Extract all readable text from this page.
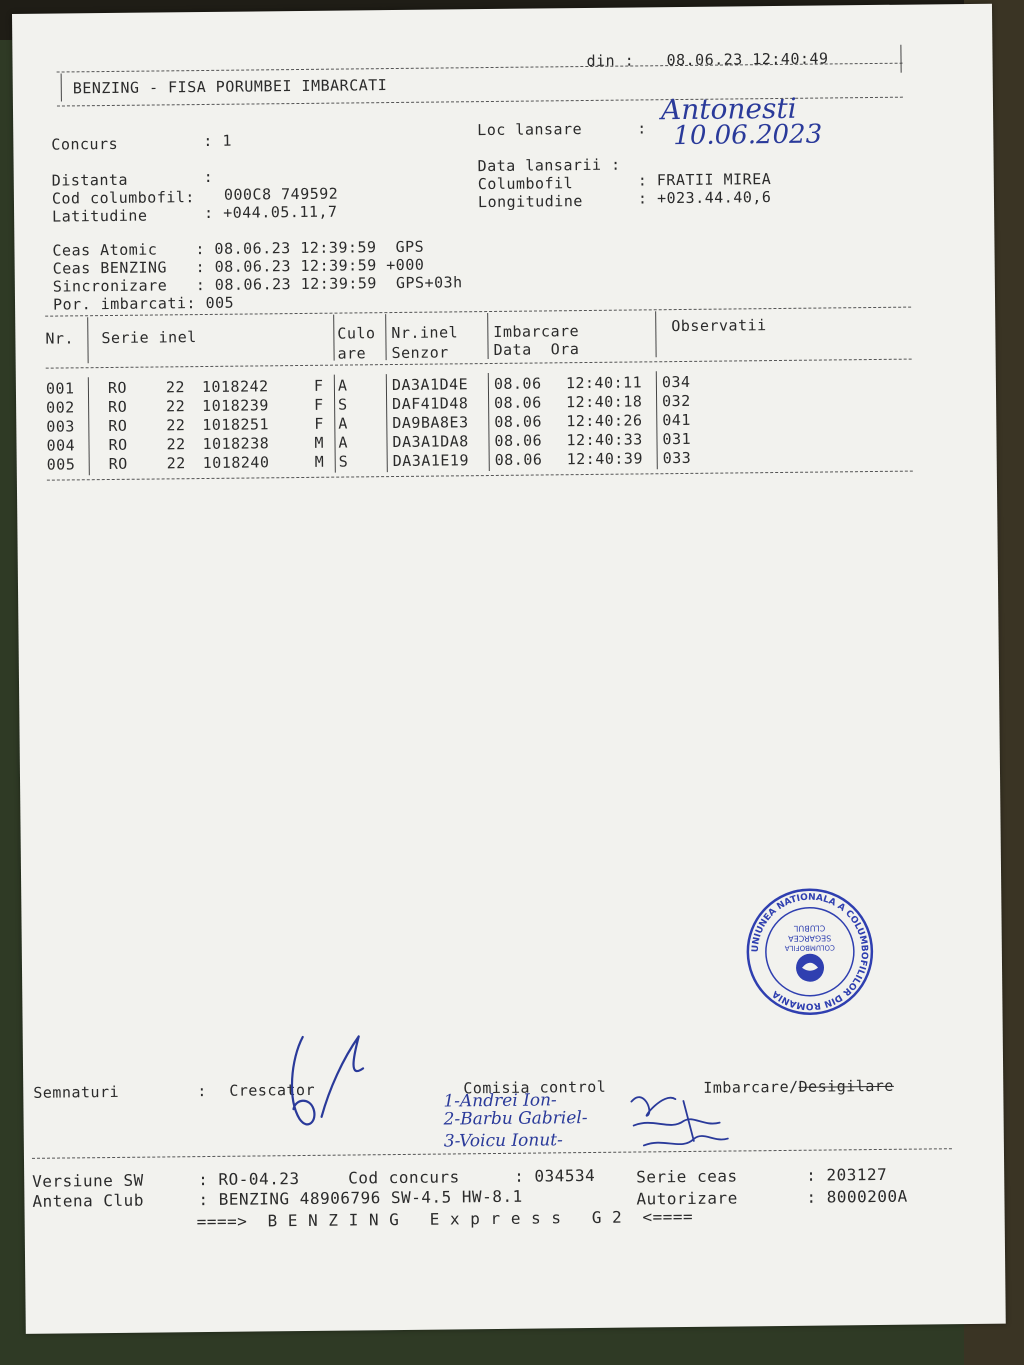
BENZING - FISA PORUMBEI IMBARCATI
din : 08.06.23 12:40:49
Concurs	: 1
Loc lansare	:
Antonesti
10.06.2023
Distanta	:
Data lansarii :
Cod columbofil: 000C8 749592
Columbofil	: FRATII MIREA
Latitudine	: +044.05.11,7
Longitudine	: +023.44.40,6
Ceas Atomic    : 08.06.23 12:39:59  GPS
Ceas BENZING   : 08.06.23 12:39:59 +000
Sincronizare   : 08.06.23 12:39:59  GPS+03h
Por. imbarcati: 005
Nr. Serie inel	Culo
are
Nr.inel
Senzor
Imbarcare
Data  Ora
Observatii
001 RO	22 1018242	F A	DA3A1D4E 08.06 12:40:11 034
002 RO	22 1018239	F S	DAF41D48 08.06 12:40:18 032
003 RO	22 1018251	F A	DA9BA8E3 08.06 12:40:26 041
004 RO	22 1018238	M A	DA3A1DA8 08.06 12:40:33 031
005 RO	22 1018240	M S	DA3A1E19 08.06 12:40:39 033
UNIUNEA NATIONALA A COLUMBOFILILOR DIN ROMANIA
CLUBUL
SEGARCEA
COLUMBOFILA
Semnaturi	: Crescator	Comisia control	Imbarcare/Desigilare
1-Andrei Ion-
2-Barbu Gabriel-
3-Voicu Ionut-
Versiune SW	: RO-04.23	Cod concurs	: 034534	Serie ceas	: 203127
Antena Club	: BENZING 48906796 SW-4.5 HW-8.1	Autorizare	: 8000200A
====>  B E N Z I N G   E x p r e s s   G 2  <====
